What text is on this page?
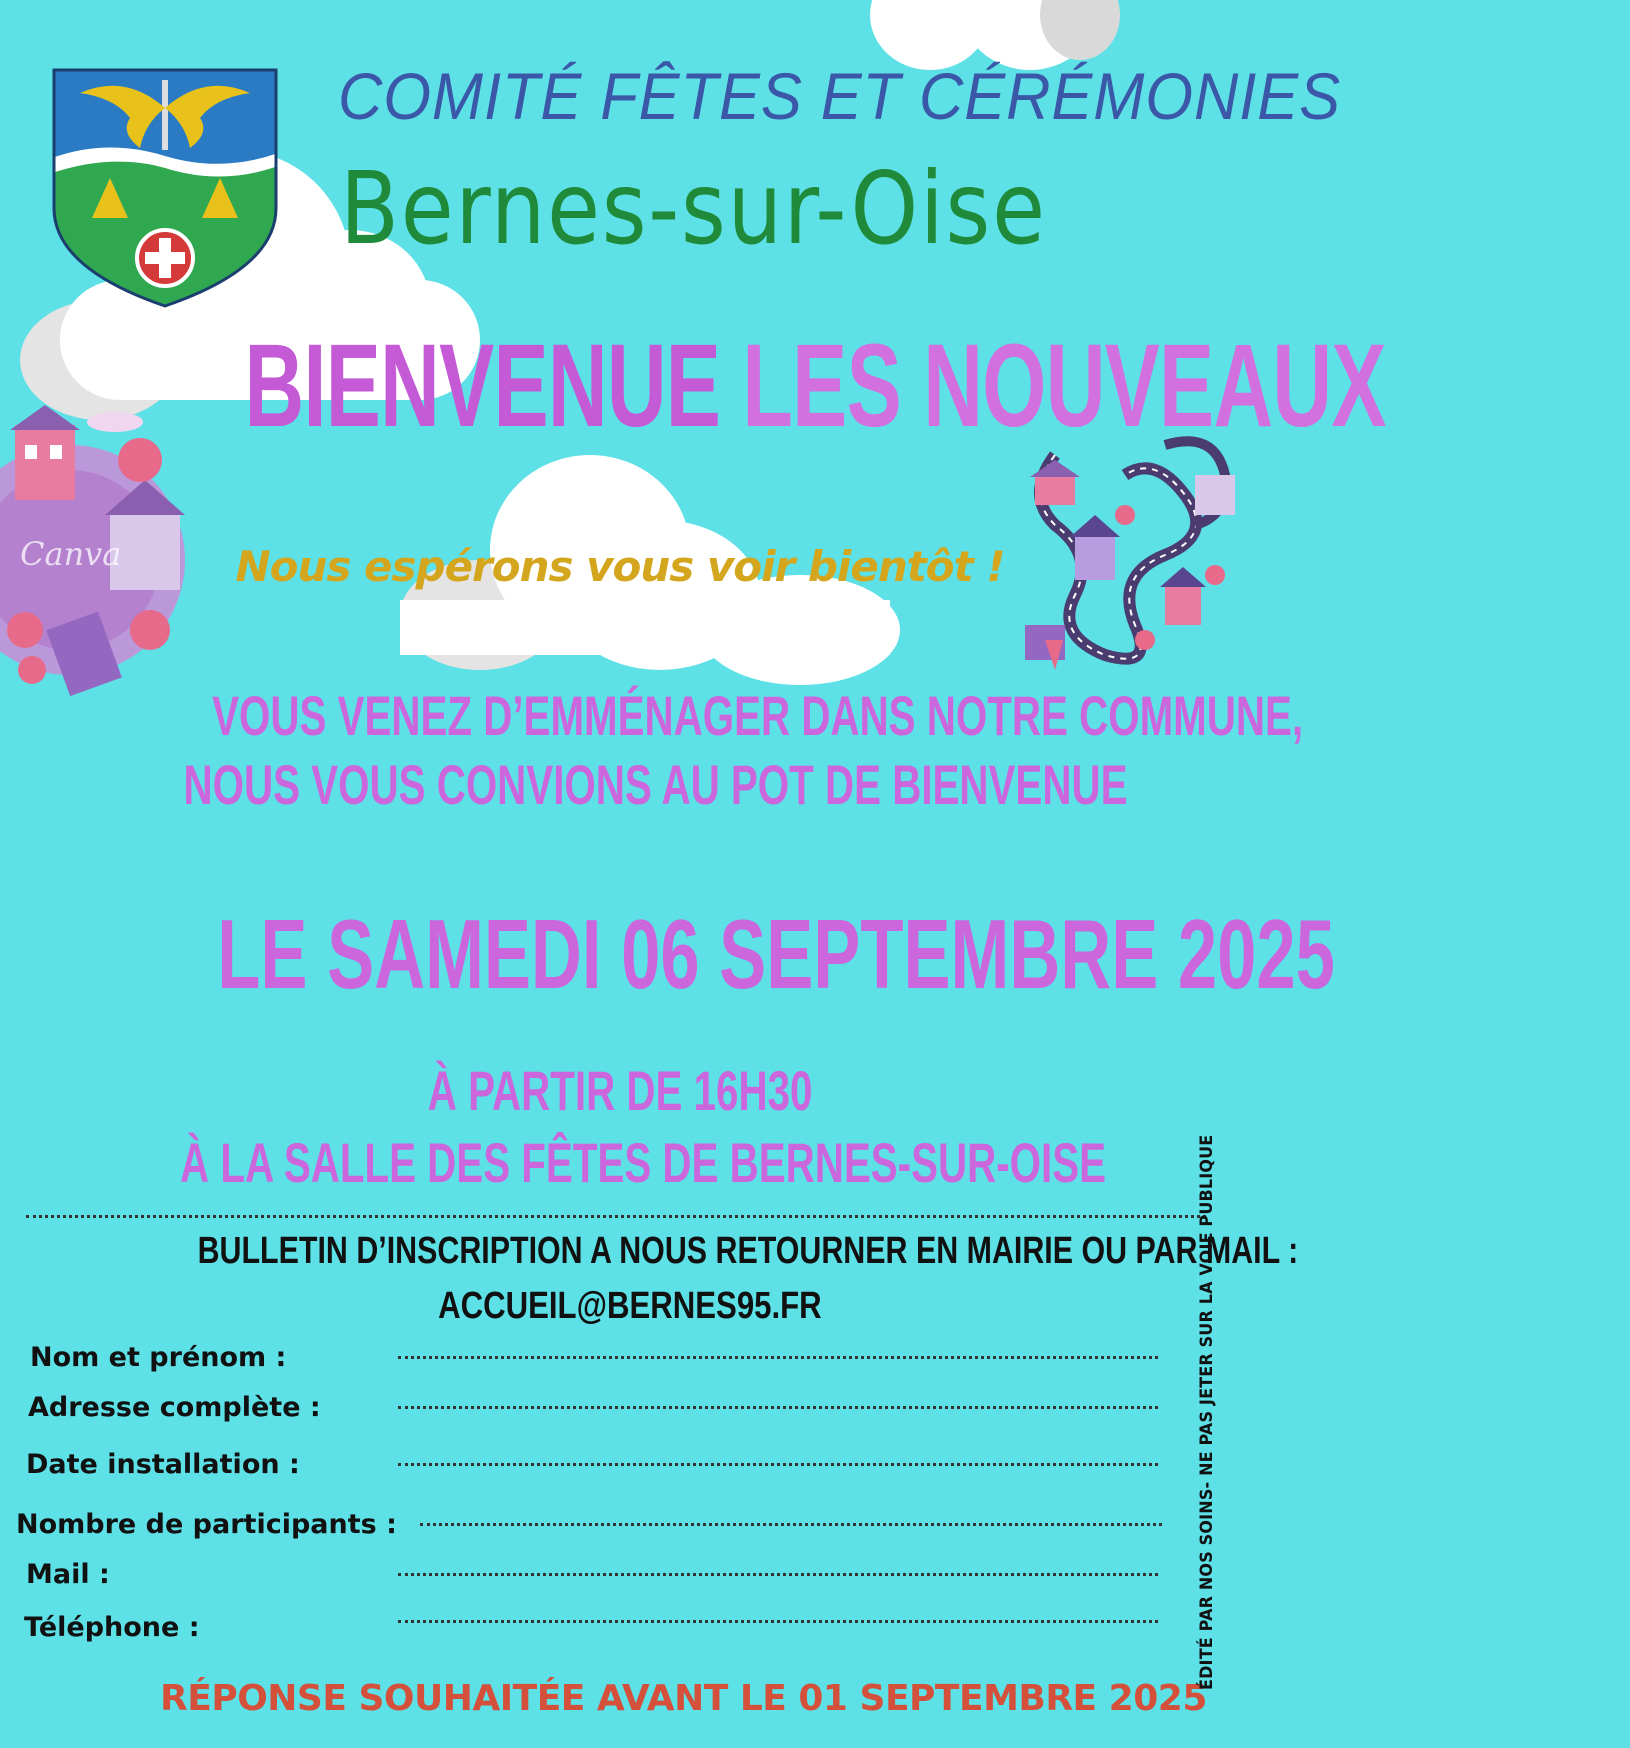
COMITÉ FÊTES ET CÉRÉMONIES
Bernes-sur-Oise
BIENVENUE LES NOUVEAUX
Canva	Nous espérons vous voir bientôt !
VOUS VENEZ D’EMMÉNAGER DANS NOTRE COMMUNE,
NOUS VOUS CONVIONS AU POT DE BIENVENUE
LE SAMEDI 06 SEPTEMBRE 2025
À PARTIR DE 16H30
À LA SALLE DES FÊTES DE BERNES-SUR-OISE
BULLETIN D’INSCRIPTION A NOUS RETOURNER EN MAIRIE OU PAR MAIL :
ACCUEIL@BERNES95.FR
Nom et prénom :
Adresse complète :
Date installation :
Nombre de participants :
Mail :
Téléphone :
RÉPONSE SOUHAITÉE AVANT LE 01 SEPTEMBRE 2025
ÉDITÉ PAR NOS SOINS- NE PAS JETER SUR LA VOIE PUBLIQUE
